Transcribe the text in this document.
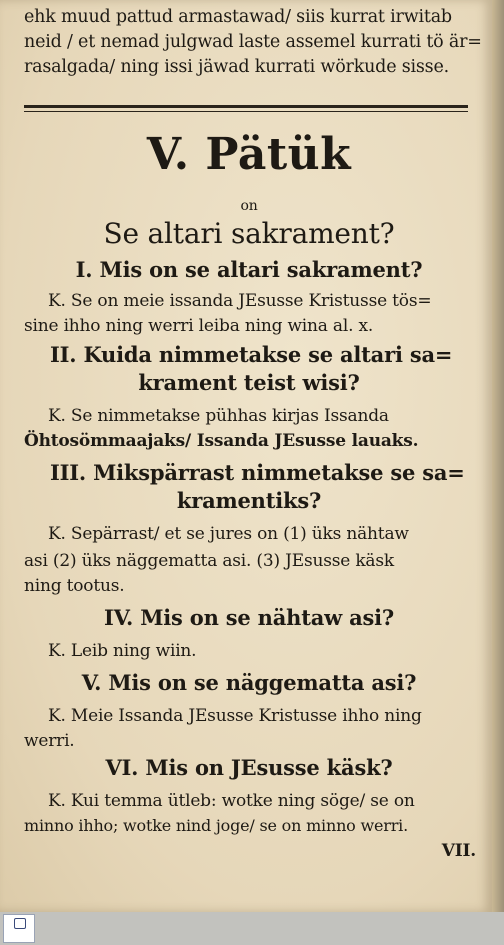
ehk muud pattud armastawad/ siis kurrat irwitab
neid / et nemad julgwad laste assemel kurrati tö är=
rasalgada/ ning issi jäwad kurrati wörkude sisse.
V. Pätük
on
Se altari sakrament?
I. Mis on se altari sakrament?
K. Se on meie issanda JEsusse Kristusse tös=
sine ihho ning werri leiba ning wina al. x.
II. Kuida nimmetakse se altari sa=
krament teist wisi?
K. Se nimmetakse pühhas kirjas Issanda
Öhtosömmaajaks/ Issanda JEsusse lauaks.
III. Mikspärrast nimmetakse se sa=
kramentiks?
K. Sepärrast/ et se jures on (1) üks nähtaw
asi (2) üks näggematta asi. (3) JEsusse käsk
ning tootus.
IV. Mis on se nähtaw asi?
K. Leib ning wiin.
V. Mis on se näggematta asi?
K. Meie Issanda JEsusse Kristusse ihho ning
werri.
VI. Mis on JEsusse käsk?
K. Kui temma ütleb: wotke ning söge/ se on
minno ihho; wotke nind joge/ se on minno werri.
VII.
